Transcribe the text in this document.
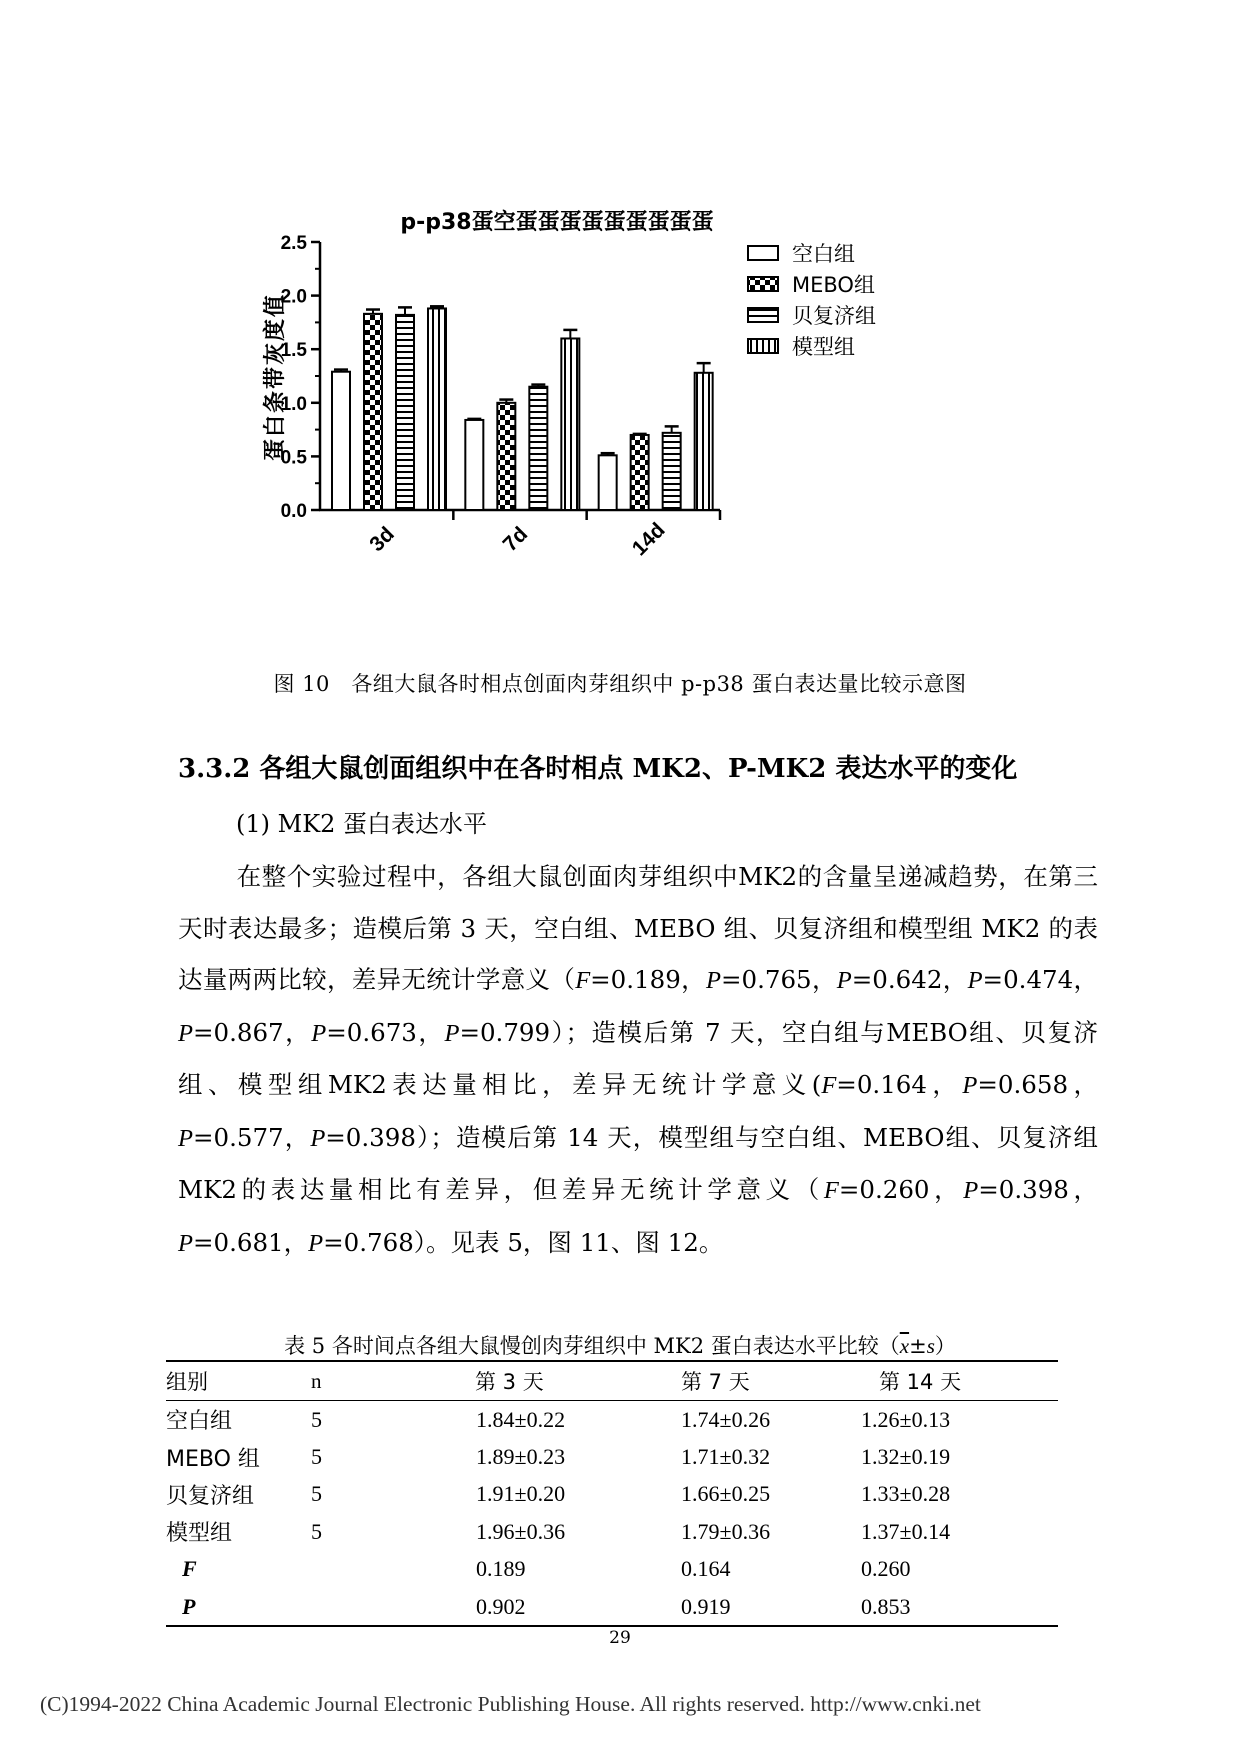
p-p38蛋空蛋蛋蛋蛋蛋蛋蛋蛋蛋
0.0
0.5
1.0
1.5
2.0
2.5
3d	7d	14d
蛋白条带灰度值
空白组
MEBO组
贝复济组
模型组
图 10　各组大鼠各时相点创面肉芽组织中 p-p38 蛋白表达量比较示意图
3.3.2 各组大鼠创面组织中在各时相点 MK2、P-MK2 表达水平的变化
(1) MK2 蛋白表达水平
在整个实验过程中，各组大鼠创面肉芽组织中MK2的含量呈递减趋势，在第三天时表达最多；造模后第 3 天，空白组、MEBO 组、贝复济组和模型组 MK2 的表达量两两比较，差异无统计学意义（F=0.189，P=0.765，P=0.642，P=0.474，P=0.867，P=0.673，P=0.799）；造模后第 7 天，空白组与MEBO组、贝复济组、模型组MK2表达量相比，差异无统计学意义(F=0.164，P=0.658，P=0.577，P=0.398）；造模后第 14 天，模型组与空白组、MEBO组、贝复济组MK2的表达量相比有差异，但差异无统计学意义（F=0.260，P=0.398，P=0.681，P=0.768）。见表 5，图 11、图 12。
表 5 各时间点各组大鼠慢创肉芽组织中 MK2 蛋白表达水平比较$(\overline{x}\pm s)$
组别	n	第 3 天	第 7 天	第 14 天
空白组	5	1.84±0.22	1.74±0.26	1.26±0.13
MEBO 组	5	1.89±0.23	1.71±0.32	1.32±0.19
贝复济组	5	1.91±0.20	1.66±0.25	1.33±0.28
模型组	5	1.96±0.36	1.79±0.36	1.37±0.14
F		0.189	0.164	0.260
P		0.902	0.919	0.853
29
(C)1994-2022 China Academic Journal Electronic Publishing House. All rights reserved. http://www.cnki.net
